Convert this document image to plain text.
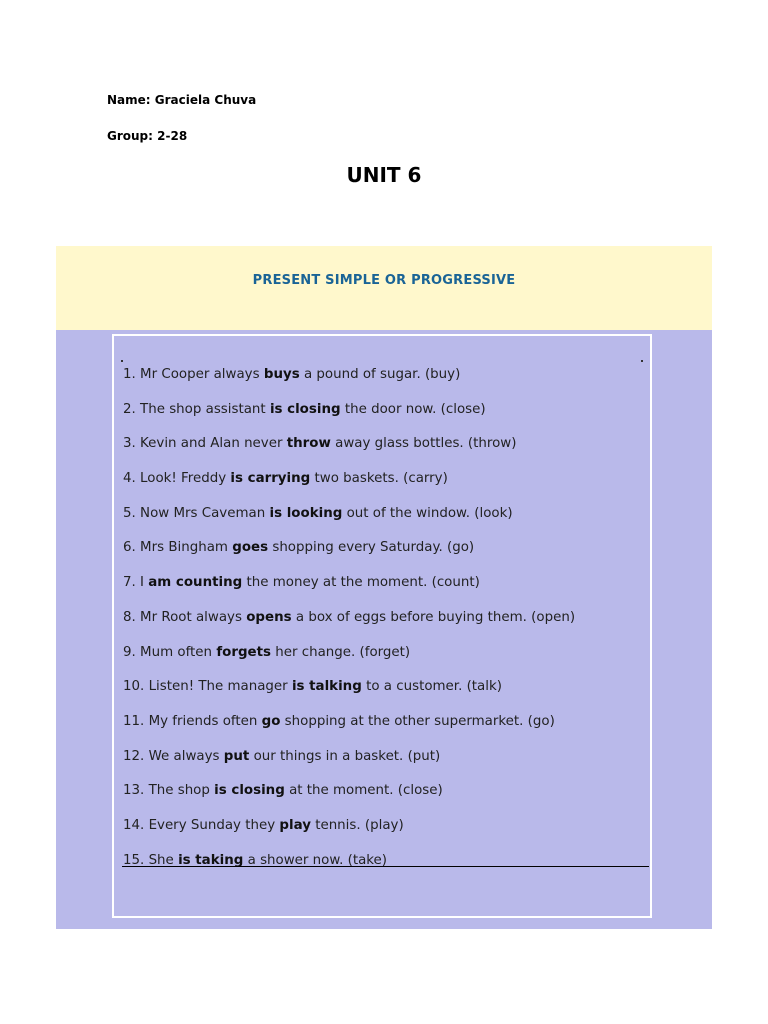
Name: Graciela Chuva

Group: 2-28

UNIT 6
PRESENT SIMPLE OR PROGRESSIVE
1. Mr Cooper always buys a pound of sugar. (buy)
2. The shop assistant is closing the door now. (close)
3. Kevin and Alan never throw away glass bottles. (throw)
4. Look! Freddy is carrying two baskets. (carry)
5. Now Mrs Caveman is looking out of the window. (look)
6. Mrs Bingham goes shopping every Saturday. (go)
7. I am counting the money at the moment. (count)
8. Mr Root always opens a box of eggs before buying them. (open)
9. Mum often forgets her change. (forget)
10. Listen! The manager is talking to a customer. (talk)
11. My friends often go shopping at the other supermarket. (go)
12. We always put our things in a basket. (put)
13. The shop is closing at the moment. (close)
14. Every Sunday they play tennis. (play)
15. She is taking a shower now. (take)
